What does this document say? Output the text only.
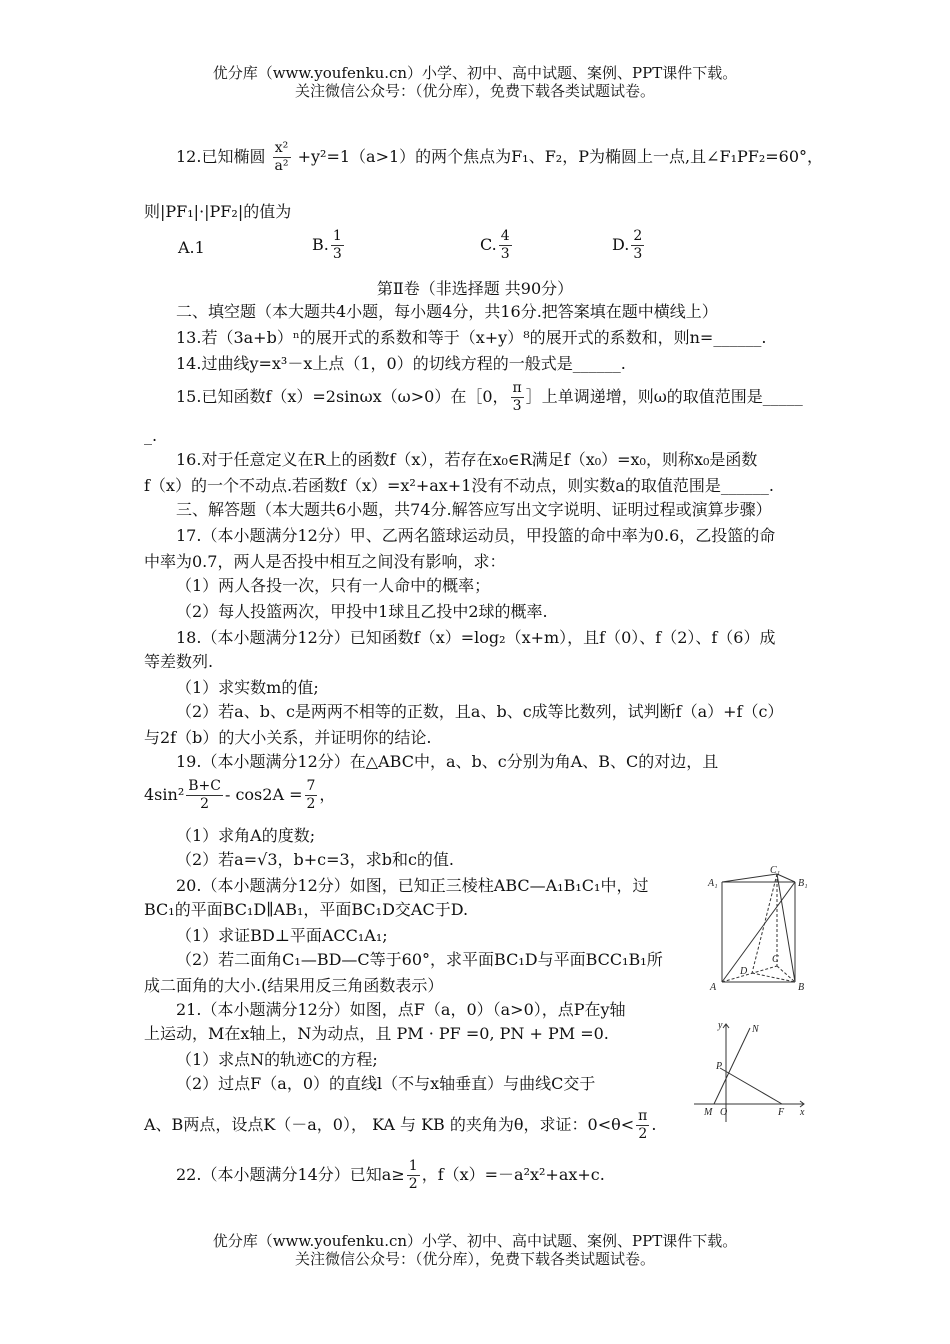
优分库（www.youfenku.cn）小学、初中、高中试题、案例、PPT课件下载。
关注微信公众号：（优分库），免费下载各类试题试卷。
12.已知椭圆 $\frac{\text{x²}}{\text{a²}} +y^2=1(a>1)$的两个焦点为F₁、F₂，P为椭圆上一点,且∠F₁PF₂=60°，
则|PF₁|·|PF₂|的值为
A.1	B. $\frac{1}{3}$	C. $\frac{4}{3}$	D. $\frac{2}{3}$
第Ⅱ卷（非选择题 共90分）
二、填空题（本大题共4小题，每小题4分，共16分.把答案填在题中横线上）
13.若（3a+b）ⁿ的展开式的系数和等于（x+y）⁸的展开式的系数和，则n=______.
14.过曲线y=x³－x上点（1，0）的切线方程的一般式是______.
15.已知函数f（x）=2sinωx（ω>0）在［0， $\frac{\pi}{3}$ ］上单调递增，则ω的取值范围是_____
_.
16.对于任意定义在R上的函数f（x），若存在x₀∈R满足f（x₀）=x₀，则称x₀是函数
f（x）的一个不动点.若函数f（x）=x²+ax+1没有不动点，则实数a的取值范围是______.
三、解答题（本大题共6小题，共74分.解答应写出文字说明、证明过程或演算步骤）
17.（本小题满分12分）甲、乙两名篮球运动员，甲投篮的命中率为0.6，乙投篮的命
中率为0.7，两人是否投中相互之间没有影响，求：
（1）两人各投一次，只有一人命中的概率；
（2）每人投篮两次，甲投中1球且乙投中2球的概率.
18.（本小题满分12分）已知函数f（x）=log₂（x+m），且f（0）、f（2）、f（6）成
等差数列.
（1）求实数m的值;
（2）若a、b、c是两两不相等的正数，且a、b、c成等比数列，试判断f（a）+f（c）
与2f（b）的大小关系，并证明你的结论.
19.（本小题满分12分）在△ABC中，a、b、c分别为角A、B、C的对边，且
$4\sin^2 \frac{B+C}{2} - \cos 2A = \frac{7}{2}$ ，
（1）求角A的度数;
（2）若a=√3，b+c=3，求b和c的值.
20.（本小题满分12分）如图，已知正三棱柱ABC—A₁B₁C₁中，过
BC₁的平面BC₁D∥AB₁，平面BC₁D交AC于D.
（1）求证BD⊥平面ACC₁A₁;
（2）若二面角C₁—BD—C等于60°，求平面BC₁D与平面BCC₁B₁所
成二面角的大小.(结果用反三角函数表示）
21.（本小题满分12分）如图，点F（a，0）（a>0），点P在y轴
上运动，M在x轴上，N为动点，且 PM · PF =0, PN + PM =0.
（1）求点N的轨迹C的方程;
（2）过点F（a，0）的直线l（不与x轴垂直）与曲线C交于
A、B两点，设点K（－a，0）， KA 与 KB 的夹角为θ，求证：$0<\theta< \frac{\pi}{2}$ .
22.（本小题满分14分）已知$a\ge \frac{1}{2}$ ，f（x）=－a²x²+ax+c.
C₁
A₁	B₁
D
C
A	B
y	N
P
M O	F x
优分库（www.youfenku.cn）小学、初中、高中试题、案例、PPT课件下载。
关注微信公众号：（优分库），免费下载各类试题试卷。
